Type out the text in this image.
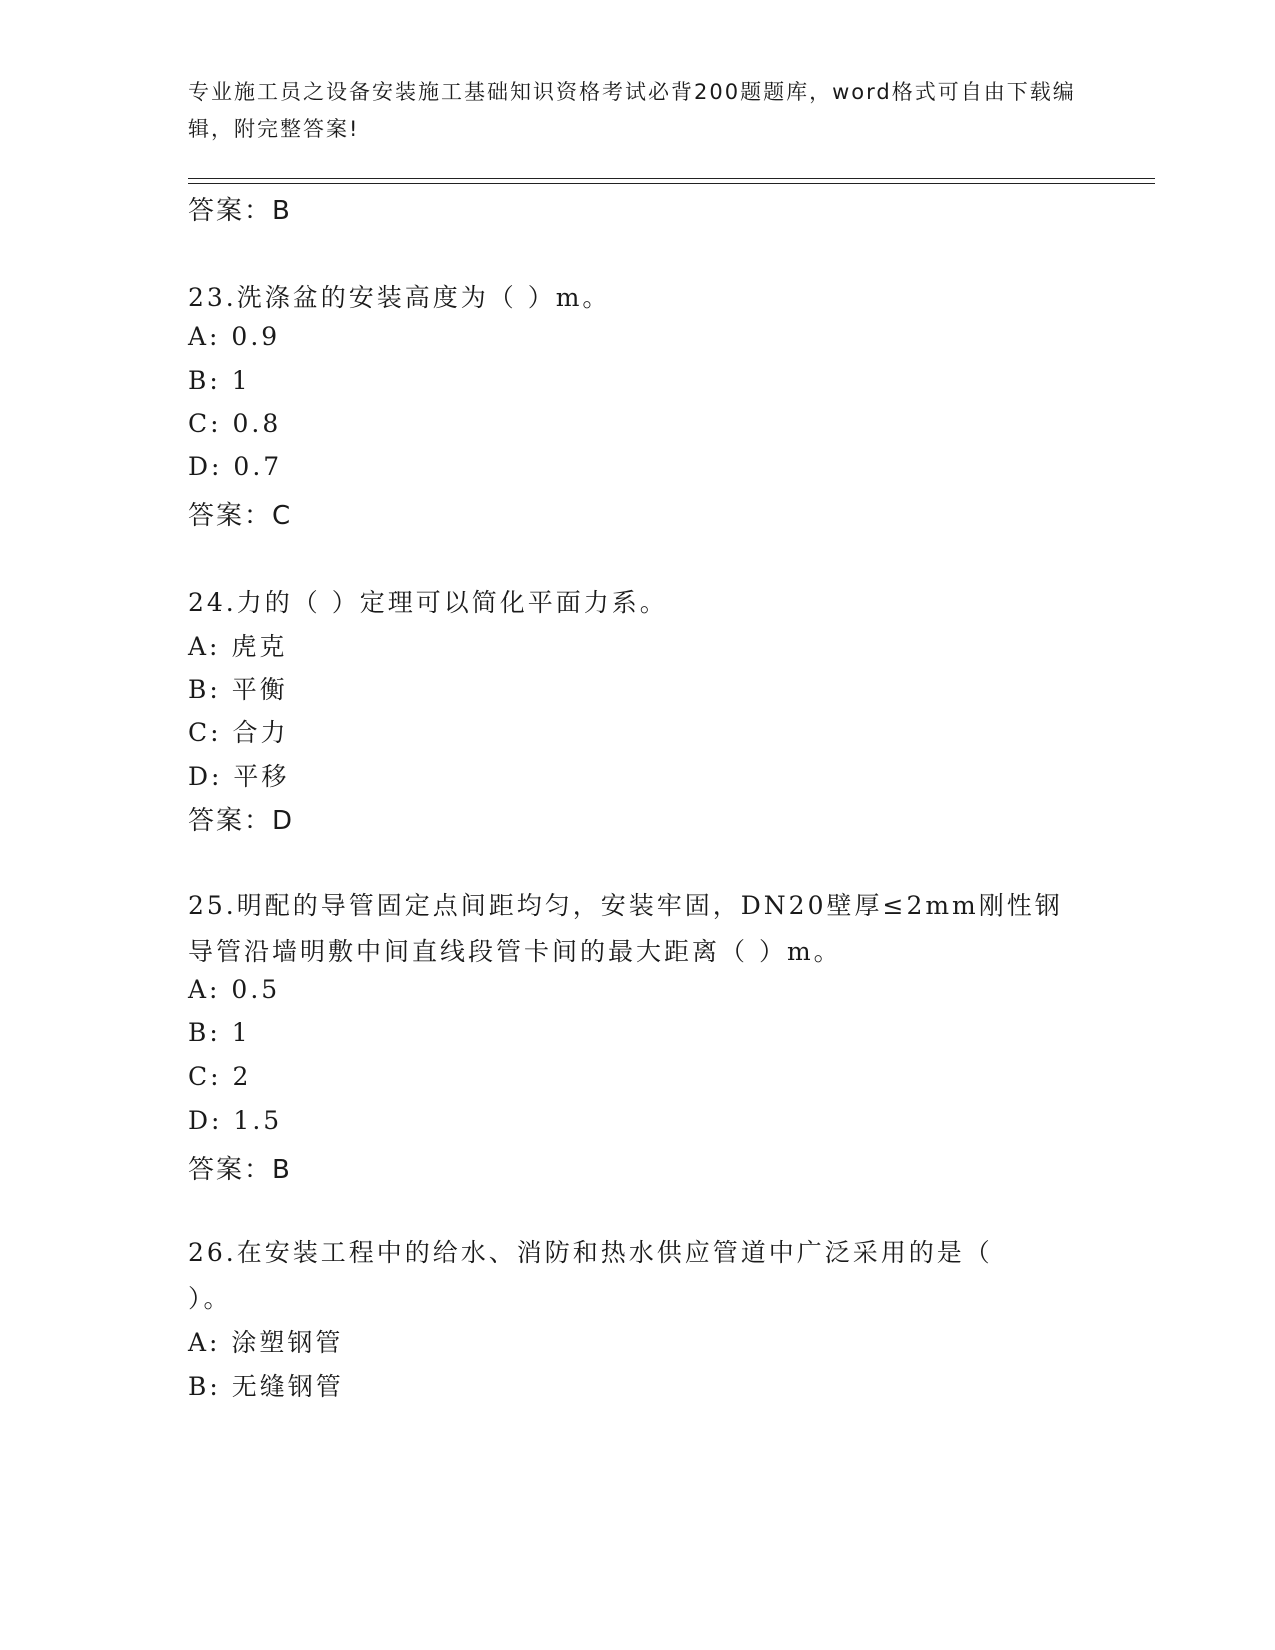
专业施工员之设备安装施工基础知识资格考试必背200题题库，word格式可自由下载编辑，附完整答案!
答案：B
23.洗涤盆的安装高度为（ ）m。
A: 0.9
B: 1
C: 0.8
D: 0.7
答案：C
24.力的（ ）定理可以简化平面力系。
A: 虎克
B: 平衡
C: 合力
D: 平移
答案：D
25.明配的导管固定点间距均匀，安装牢固，DN20壁厚≤2mm刚性钢导管沿墙明敷中间直线段管卡间的最大距离（ ）m。
A: 0.5
B: 1
C: 2
D: 1.5
答案：B
26.在安装工程中的给水、消防和热水供应管道中广泛采用的是（ ）。
A: 涂塑钢管
B: 无缝钢管
